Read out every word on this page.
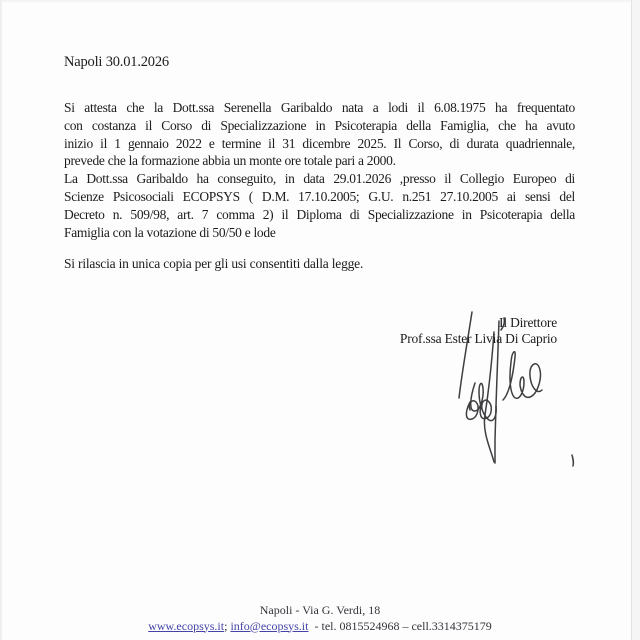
Napoli 30.01.2026
Si attesta che la Dott.ssa Serenella Garibaldo nata a lodi il 6.08.1975 ha frequentato
con costanza il Corso di Specializzazione in Psicoterapia della Famiglia, che ha avuto
inizio il 1 gennaio 2022 e termine il 31 dicembre 2025. Il Corso, di durata quadriennale,
prevede che la formazione abbia un monte ore totale pari a 2000.
La Dott.ssa Garibaldo ha conseguito, in data 29.01.2026 ,presso il Collegio Europeo di
Scienze Psicosociali ECOPSYS ( D.M. 17.10.2005; G.U. n.251 27.10.2005 ai sensi del
Decreto n. 509/98, art. 7 comma 2) il Diploma di Specializzazione in Psicoterapia della
Famiglia con la votazione di 50/50 e lode
Si rilascia in unica copia per gli usi consentiti dalla legge.
Il Direttore
Prof.ssa Ester Livia Di Caprio
Napoli - Via G. Verdi, 18
www.ecopsys.it; info@ecopsys.it  - tel. 0815524968 – cell.3314375179
